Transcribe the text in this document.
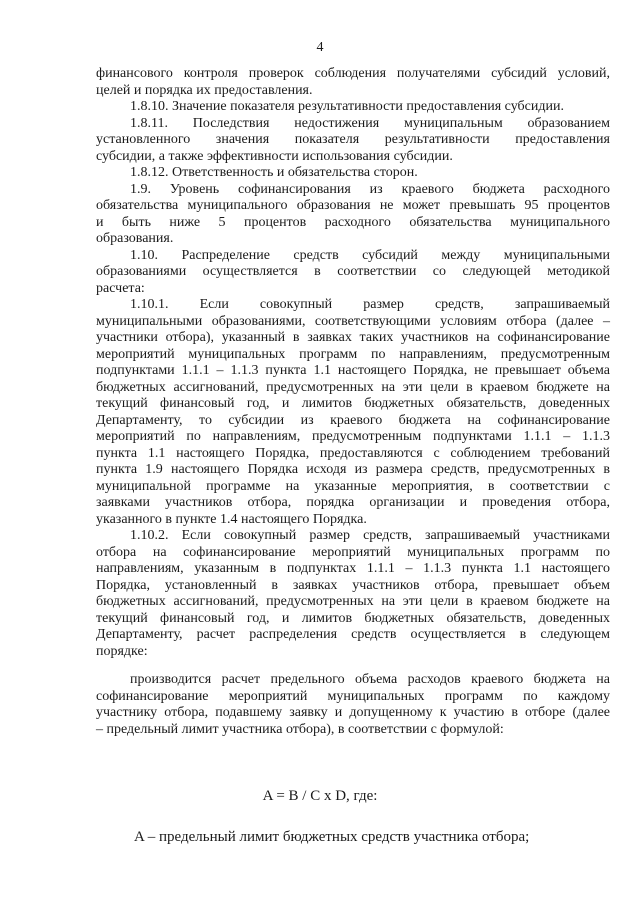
4
финансового контроля проверок соблюдения получателями субсидий условий,
целей и порядка их предоставления.
1.8.10. Значение показателя результативности предоставления субсидии.
1.8.11. Последствия недостижения муниципальным образованием
установленного значения показателя результативности предоставления
субсидии, а также эффективности использования субсидии.
1.8.12. Ответственность и обязательства сторон.
1.9. Уровень софинансирования из краевого бюджета расходного
обязательства муниципального образования не может превышать 95 процентов
и быть ниже 5 процентов расходного обязательства муниципального
образования.
1.10. Распределение средств субсидий между муниципальными
образованиями осуществляется в соответствии со следующей методикой
расчета:
1.10.1. Если совокупный размер средств, запрашиваемый
муниципальными образованиями, соответствующими условиям отбора (далее –
участники отбора), указанный в заявках таких участников на софинансирование
мероприятий муниципальных программ по направлениям, предусмотренным
подпунктами 1.1.1 – 1.1.3 пункта 1.1 настоящего Порядка, не превышает объема
бюджетных ассигнований, предусмотренных на эти цели в краевом бюджете на
текущий финансовый год, и лимитов бюджетных обязательств, доведенных
Департаменту, то субсидии из краевого бюджета на софинансирование
мероприятий по направлениям, предусмотренным подпунктами 1.1.1 – 1.1.3
пункта 1.1 настоящего Порядка, предоставляются с соблюдением требований
пункта 1.9 настоящего Порядка исходя из размера средств, предусмотренных в
муниципальной программе на указанные мероприятия, в соответствии с
заявками участников отбора, порядка организации и проведения отбора,
указанного в пункте 1.4 настоящего Порядка.
1.10.2. Если совокупный размер средств, запрашиваемый участниками
отбора на софинансирование мероприятий муниципальных программ по
направлениям, указанным в подпунктах 1.1.1 – 1.1.3 пункта 1.1 настоящего
Порядка, установленный в заявках участников отбора, превышает объем
бюджетных ассигнований, предусмотренных на эти цели в краевом бюджете на
текущий финансовый год, и лимитов бюджетных обязательств, доведенных
Департаменту, расчет распределения средств осуществляется в следующем
порядке:
производится расчет предельного объема расходов краевого бюджета на
софинансирование мероприятий муниципальных программ по каждому
участнику отбора, подавшему заявку и допущенному к участию в отборе (далее
– предельный лимит участника отбора), в соответствии с формулой:
A = B / C x D, где:
A – предельный лимит бюджетных средств участника отбора;
